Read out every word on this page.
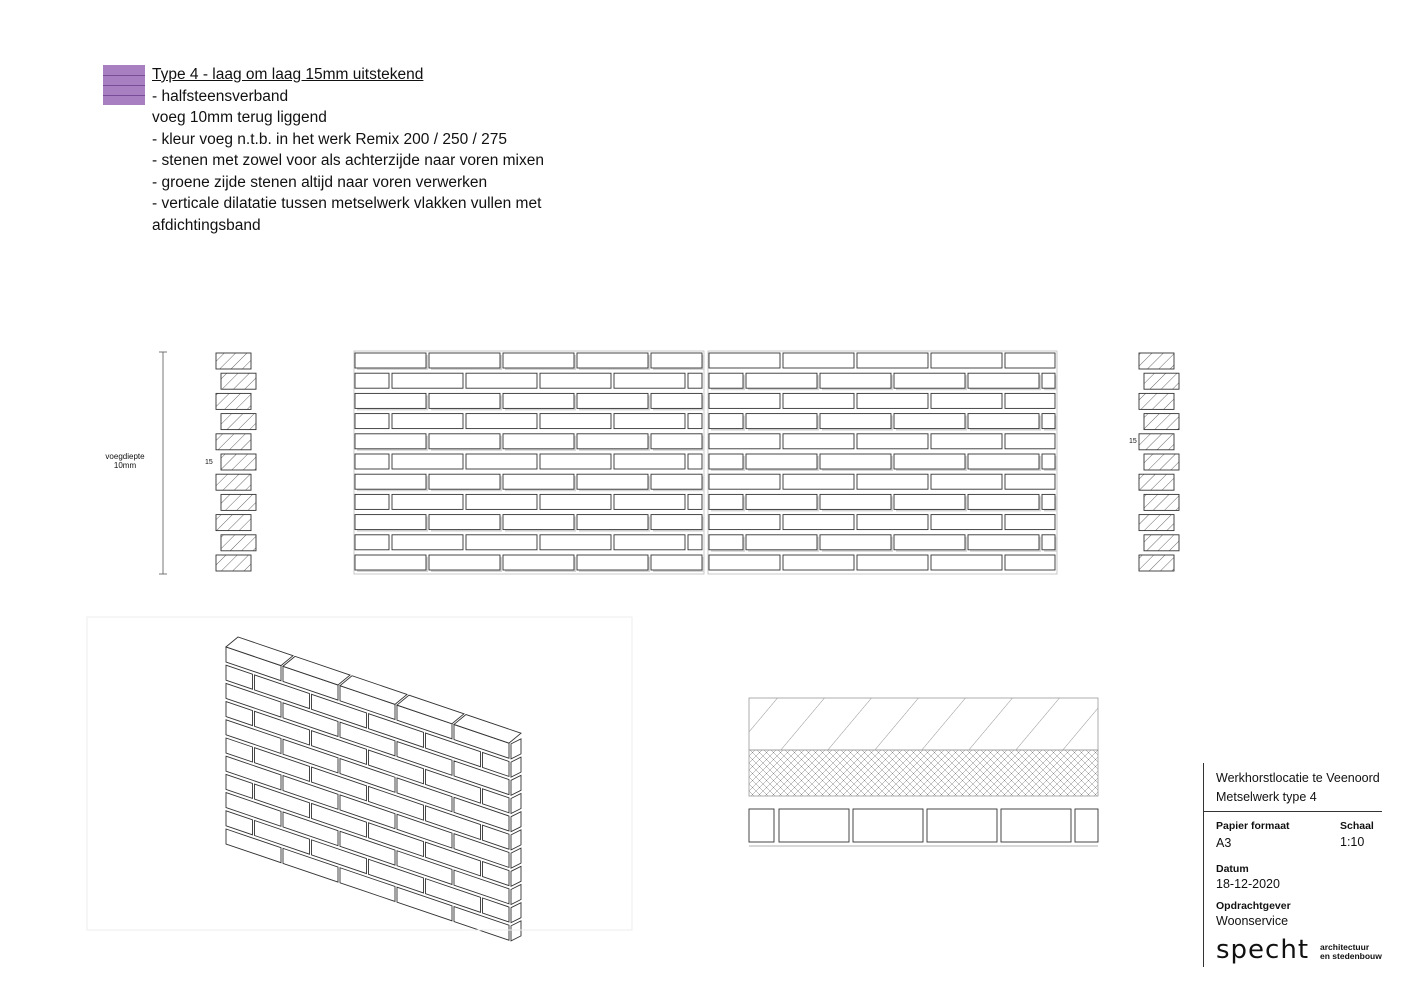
Type 4 - laag om laag 15mm uitstekend
- halfsteensverband
voeg 10mm terug liggend
- kleur voeg n.t.b. in het werk Remix 200 / 250 / 275
- stenen met zowel voor als achterzijde naar voren mixen
- groene zijde stenen altijd naar voren verwerken
- verticale dilatatie tussen metselwerk vlakken vullen met
afdichtingsband
voegdiepte
10mm	15
15
Werkhorstlocatie te Veenoord
Metselwerk type 4
Papier formaat
A3
Schaal
1:10
Datum
18-12-2020
Opdrachtgever
Woonservice
specht architectuur
en stedenbouw
